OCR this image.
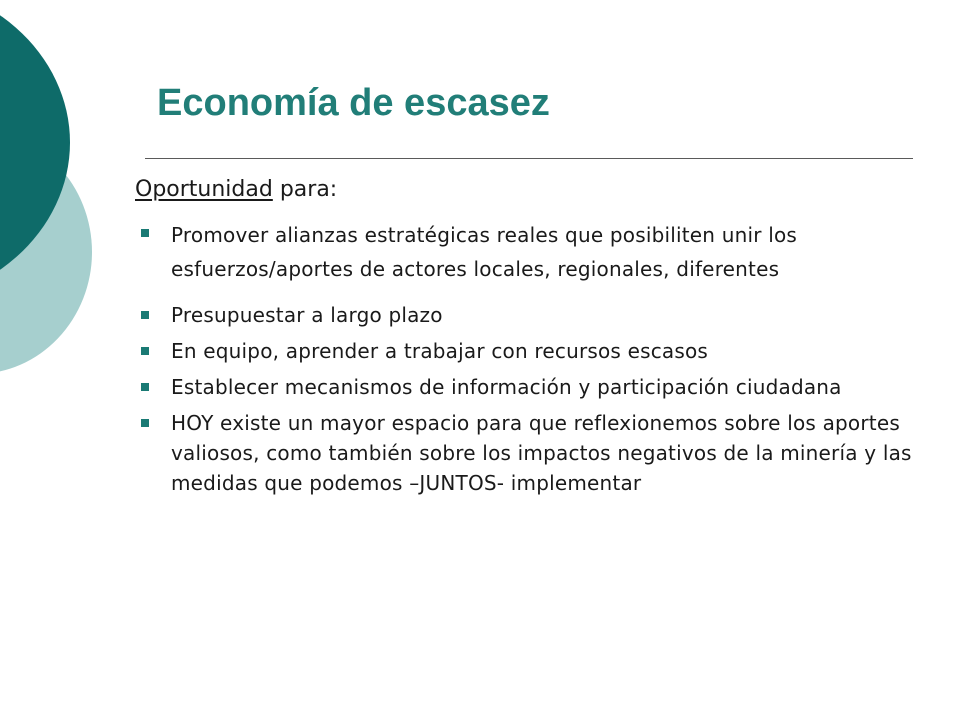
Economía de escasez
Oportunidad para:
Promover alianzas estratégicas reales que posibiliten unir los esfuerzos/aportes de actores locales, regionales, diferentes
Presupuestar a largo plazo
En equipo, aprender a trabajar con recursos escasos
Establecer mecanismos de información y participación ciudadana
HOY existe un mayor espacio para que reflexionemos sobre los aportes valiosos, como también sobre los impactos negativos de la minería y las medidas que podemos –JUNTOS- implementar
